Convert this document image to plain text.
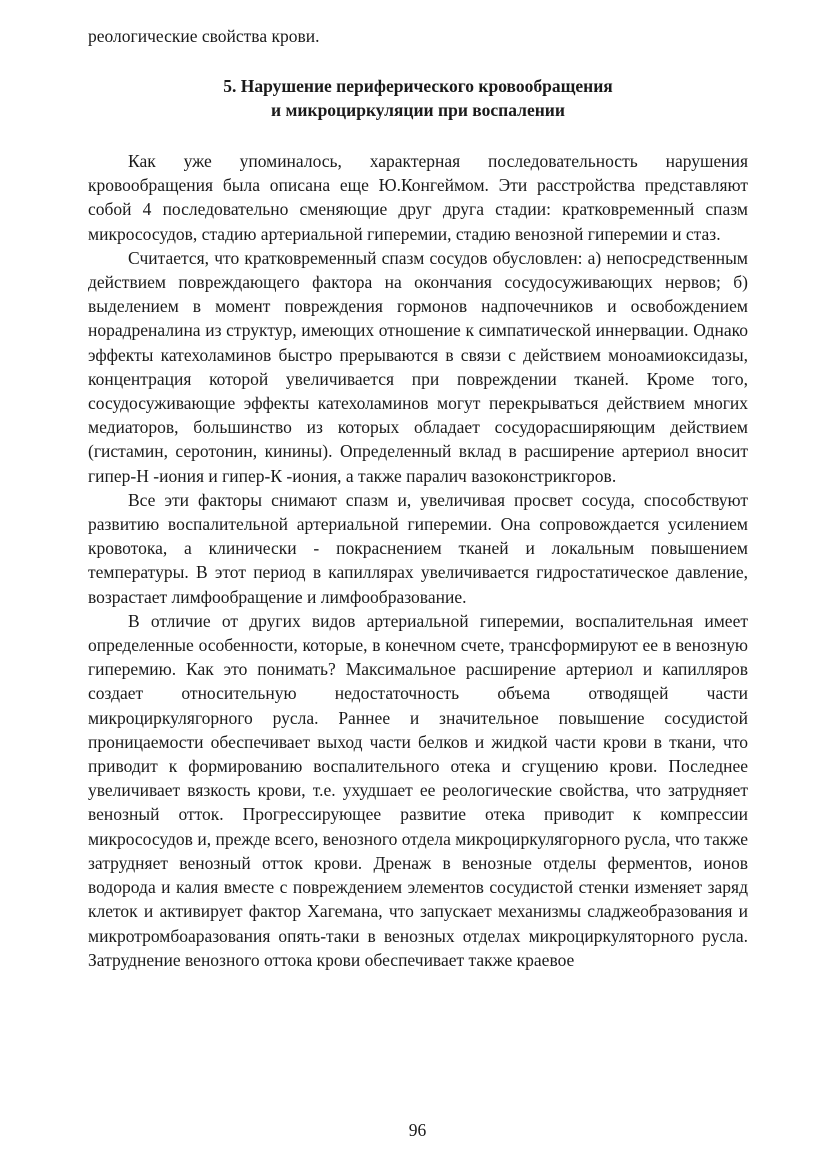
реологические свойства крови.

5. Нарушение периферического кровообращения
и микроциркуляции при воспалении

Как уже упоминалось, характерная последовательность нарушения кровообращения была описана еще Ю.Конгеймом. Эти расстройства представляют собой 4 последовательно сменяющие друг друга стадии: кратковременный спазм микрососудов, стадию артериальной гиперемии, стадию венозной гиперемии и стаз.

Считается, что кратковременный спазм сосудов обусловлен: а) непосредственным действием повреждающего фактора на окончания сосудосуживающих нервов; б) выделением в момент повреждения гормонов надпочечников и освобождением норадреналина из структур, имеющих отношение к симпатической иннервации. Однако эффекты катехоламинов быстро прерываются в связи с действием моноамиоксидазы, концентрация которой увеличивается при повреждении тканей. Кроме того, сосудосуживающие эффекты катехоламинов могут перекрываться действием многих медиаторов, большинство из которых обладает сосудорасширяющим действием (гистамин, серотонин, кинины). Определенный вклад в расширение артериол вносит гипер-Н -иония и гипер-К -иония, а также паралич вазоконстрикгоров.

Все эти факторы снимают спазм и, увеличивая просвет сосуда, способствуют развитию воспалительной артериальной гиперемии. Она сопровождается усилением кровотока, а клинически - покраснением тканей и локальным повышением температуры. В этот период в капиллярах увеличивается гидростатическое давление, возрастает лимфообращение и лимфообразование.

В отличие от других видов артериальной гиперемии, воспалительная имеет определенные особенности, которые, в конечном счете, трансформируют ее в венозную гиперемию. Как это понимать? Максимальное расширение артериол и капилляров создает относительную недостаточность объема отводящей части микроциркулягорного русла. Раннее и значительное повышение сосудистой проницаемости обеспечивает выход части белков и жидкой части крови в ткани, что приводит к формированию воспалительного отека и сгущению крови. Последнее увеличивает вязкость крови, т.е. ухудшает ее реологические свойства, что затрудняет венозный отток. Прогрессирующее развитие отека приводит к компрессии микрососудов и, прежде всего, венозного отдела микроциркулягорного русла, что также затрудняет венозный отток крови. Дренаж в венозные отделы ферментов, ионов водорода и калия вместе с повреждением элементов сосудистой стенки изменяет заряд клеток и активирует фактор Хагемана, что запускает механизмы сладжеобразования и микротромбоаразования опять-таки в венозных отделах микроциркуляторного русла. Затруднение венозного оттока крови обеспечивает также краевое

96
